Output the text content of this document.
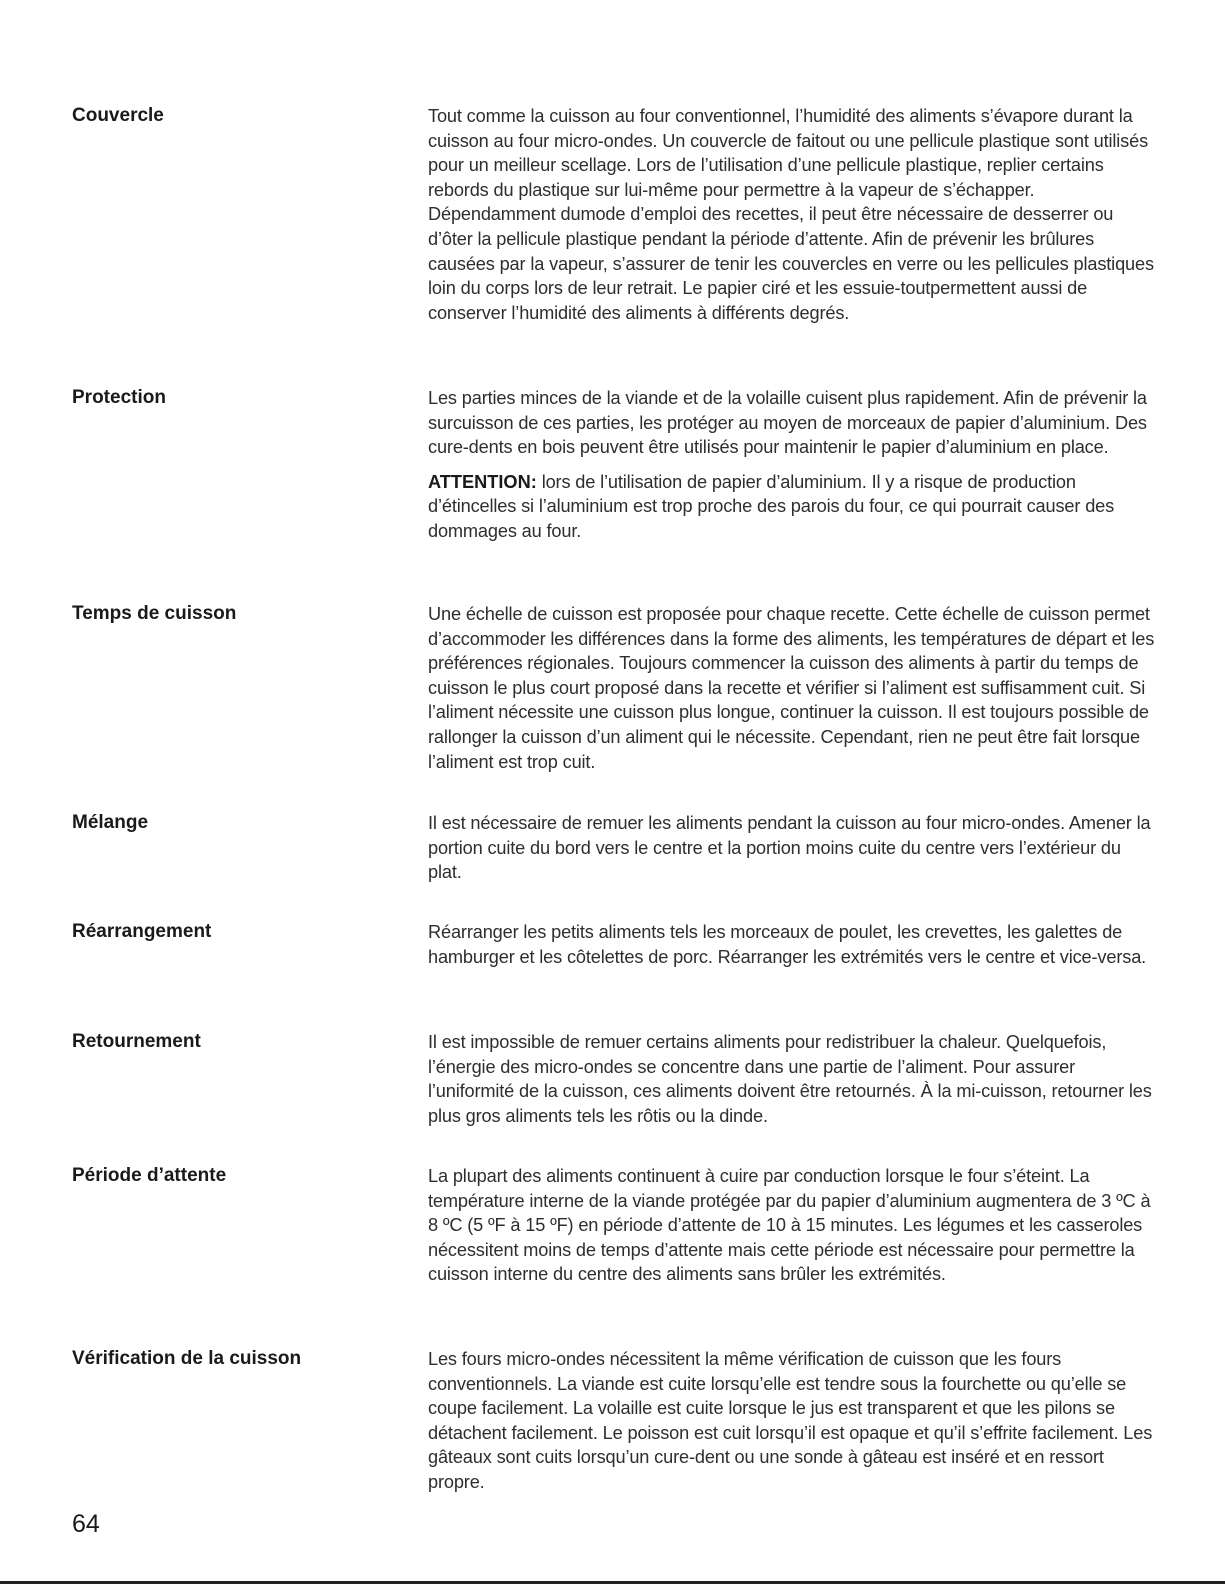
Couvercle	Tout comme la cuisson au four conventionnel, l’humidité des aliments s’évapore durant la cuisson au four micro-ondes. Un couvercle de faitout ou une pellicule plastique sont utilisés pour un meilleur scellage. Lors de l’utilisation d’une pellicule plastique, replier certains rebords du plastique sur lui-même pour permettre à la vapeur de s’échapper. Dépendamment dumode d’emploi des recettes, il peut être nécessaire de desserrer ou d’ôter la pellicule plastique pendant la période d’attente. Afin de prévenir les brûlures causées par la vapeur, s’assurer de tenir les couvercles en verre ou les pellicules plastiques loin du corps lors de leur retrait. Le papier ciré et les essuie-toutpermettent aussi de conserver l’humidité des aliments à différents degrés.

Protection	Les parties minces de la viande et de la volaille cuisent plus rapidement. Afin de prévenir la surcuisson de ces parties, les protéger au moyen de morceaux de papier d’aluminium. Des cure-dents en bois peuvent être utilisés pour maintenir le papier d’aluminium en place.

ATTENTION: lors de l’utilisation de papier d’aluminium. Il y a risque de production d’étincelles si l’aluminium est trop proche des parois du four, ce qui pourrait causer des dommages au four.

Temps de cuisson	Une échelle de cuisson est proposée pour chaque recette. Cette échelle de cuisson permet d’accommoder les différences dans la forme des aliments, les températures de départ et les préférences régionales. Toujours commencer la cuisson des aliments à partir du temps de cuisson le plus court proposé dans la recette et vérifier si l’aliment est suffisamment cuit. Si l’aliment nécessite une cuisson plus longue, continuer la cuisson. Il est toujours possible de rallonger la cuisson d’un aliment qui le nécessite. Cependant, rien ne peut être fait lorsque l’aliment est trop cuit.

Mélange	Il est nécessaire de remuer les aliments pendant la cuisson au four micro-ondes. Amener la portion cuite du bord vers le centre et la portion moins cuite du centre vers l’extérieur du plat.

Réarrangement	Réarranger les petits aliments tels les morceaux de poulet, les crevettes, les galettes de hamburger et les côtelettes de porc. Réarranger les extrémités vers le centre et vice-versa.

Retournement	Il est impossible de remuer certains aliments pour redistribuer la chaleur. Quelquefois, l’énergie des micro-ondes se concentre dans une partie de l’aliment. Pour assurer l’uniformité de la cuisson, ces aliments doivent être retournés. À la mi-cuisson, retourner les plus gros aliments tels les rôtis ou la dinde.

Période d’attente	La plupart des aliments continuent à cuire par conduction lorsque le four s’éteint. La température interne de la viande protégée par du papier d’aluminium augmentera de 3 ºC à 8 ºC (5 ºF à 15 ºF) en période d’attente de 10 à 15 minutes. Les légumes et les casseroles nécessitent moins de temps d’attente mais cette période est nécessaire pour permettre la cuisson interne du centre des aliments sans brûler les extrémités.

Vérification de la cuisson	Les fours micro-ondes nécessitent la même vérification de cuisson que les fours conventionnels. La viande est cuite lorsqu’elle est tendre sous la fourchette ou qu’elle se coupe facilement. La volaille est cuite lorsque le jus est transparent et que les pilons se détachent facilement. Le poisson est cuit lorsqu’il est opaque et qu’il s’effrite facilement. Les gâteaux sont cuits lorsqu’un cure-dent ou une sonde à gâteau est inséré et en ressort propre.

64
